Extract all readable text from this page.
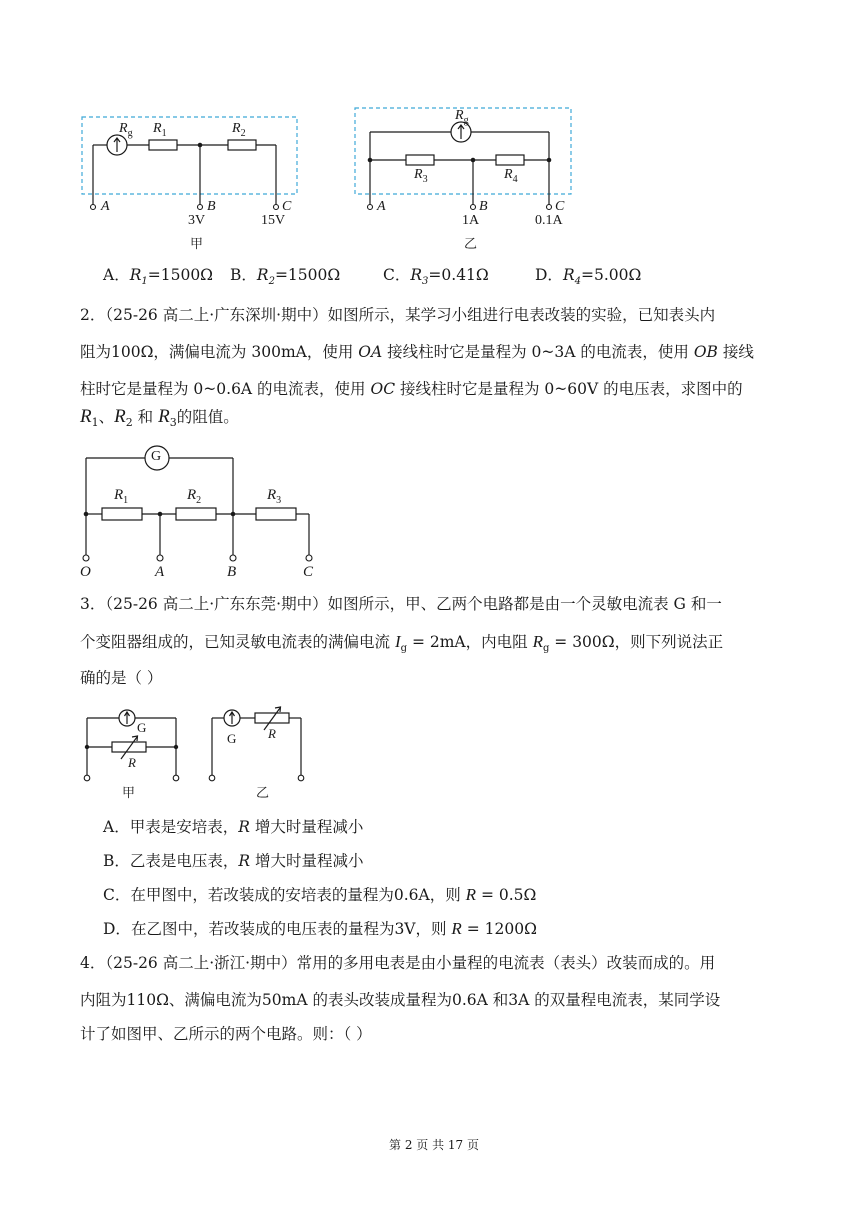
$R_g$ $R_1$	$R_2$
A	B	C
3V	15V
甲
$R_g$
$R_3$	$R_4$
A	B	C
1A	0.1A
乙
A．$R_1=1500\Omega$ B．$R_2=1500\Omega$	C．$R_3=0.41\Omega$	D．$R_4=5.00\Omega$
2．（25-26 高二上·广东深圳·期中）如图所示，某学习小组进行电表改装的实验，已知表头内
阻为100Ω，满偏电流为 300mA，使用 OA 接线柱时它是量程为 0~3A 的电流表，使用 OB 接线
柱时它是量程为 0~0.6A 的电流表，使用 OC 接线柱时它是量程为 0~60V 的电压表，求图中的
$R_1$、$R_2$ 和 $R_3$的阻值。
G
$R_1$	$R_2$	$R_3$
O	A	B	C
3．（25-26 高二上·广东东莞·期中）如图所示，甲、乙两个电路都是由一个灵敏电流表 G 和一
个变阻器组成的，已知灵敏电流表的满偏电流 $I_g = 2mA$，内电阻 $R_g = 300\Omega$，则下列说法正
确的是（ ）
G
R
甲
G R
乙
A．甲表是安培表，R 增大时量程减小
B．乙表是电压表，R 增大时量程减小
C．在甲图中，若改装成的安培表的量程为0.6A，则 R = 0.5Ω
D．在乙图中，若改装成的电压表的量程为3V，则 R = 1200Ω
4．（25-26 高二上·浙江·期中）常用的多用电表是由小量程的电流表（表头）改装而成的。用
内阻为110Ω、满偏电流为50mA 的表头改装成量程为0.6A 和3A 的双量程电流表，某同学设
计了如图甲、乙所示的两个电路。则：（ ）
第 2 页 共 17 页
